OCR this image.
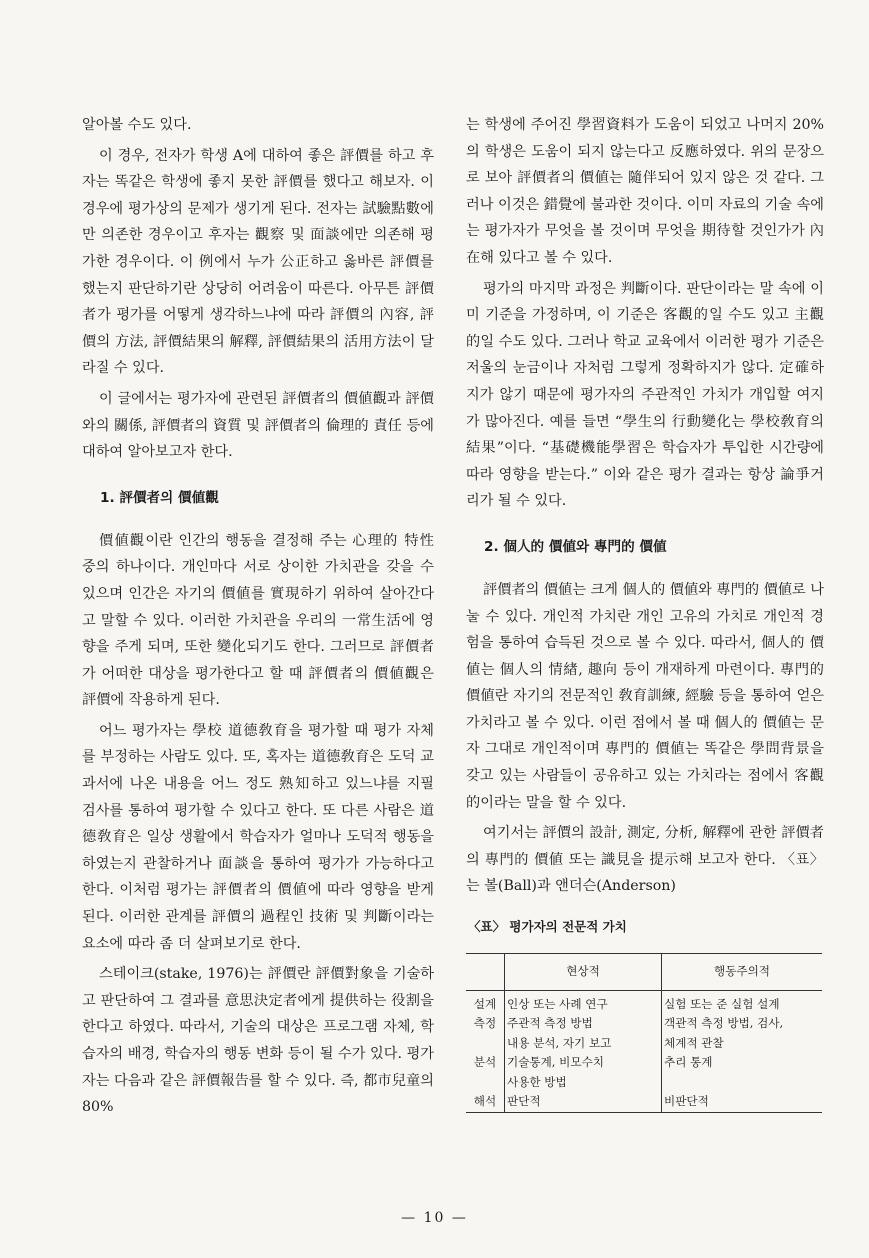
알아볼 수도 있다.

이 경우, 전자가 학생 A에 대하여 좋은 評價를 하고 후자는 똑같은 학생에 좋지 못한 評價를 했다고 해보자. 이 경우에 평가상의 문제가 생기게 된다. 전자는 試驗點數에만 의존한 경우이고 후자는 觀察 및 面談에만 의존해 평가한 경우이다. 이 例에서 누가 公正하고 옳바른 評價를 했는지 판단하기란 상당히 어려움이 따른다. 아무튼 評價者가 평가를 어떻게 생각하느냐에 따라 評價의 內容, 評價의 方法, 評價結果의 解釋, 評價結果의 活用方法이 달라질 수 있다.

이 글에서는 평가자에 관련된 評價者의 價値觀과 評價와의 關係, 評價者의 資質 및 評價者의 倫理的 責任 등에 대하여 알아보고자 한다.

1. 評價者의 價値觀

價値觀이란 인간의 행동을 결정해 주는 心理的 特性 중의 하나이다. 개인마다 서로 상이한 가치관을 갖을 수 있으며 인간은 자기의 價値를 實現하기 위하여 살아간다고 말할 수 있다. 이러한 가치관을 우리의 一常生活에 영향을 주게 되며, 또한 變化되기도 한다. 그러므로 評價者가 어떠한 대상을 평가한다고 할 때 評價者의 價値觀은 評價에 작용하게 된다.

어느 평가자는 學校 道德敎育을 평가할 때 평가 자체를 부정하는 사람도 있다. 또, 혹자는 道德敎育은 도덕 교과서에 나온 내용을 어느 정도 熟知하고 있느냐를 지필 검사를 통하여 평가할 수 있다고 한다. 또 다른 사람은 道德敎育은 일상 생활에서 학습자가 얼마나 도덕적 행동을 하였는지 관찰하거나 面談을 통하여 평가가 가능하다고 한다. 이처럼 평가는 評價者의 價値에 따라 영향을 받게 된다. 이러한 관계를 評價의 過程인 技術 및 判斷이라는 요소에 따라 좀 더 살펴보기로 한다.

스테이크(stake, 1976)는 評價란 評價對象을 기술하고 판단하여 그 결과를 意思決定者에게 提供하는 役割을 한다고 하였다. 따라서, 기술의 대상은 프로그램 자체, 학습자의 배경, 학습자의 행동 변화 등이 될 수가 있다. 평가자는 다음과 같은 評價報告를 할 수 있다. 즉, 都市兒童의 80%

는 학생에 주어진 學習資料가 도움이 되었고 나머지 20%의 학생은 도움이 되지 않는다고 反應하였다. 위의 문장으로 보아 評價者의 價値는 隨伴되어 있지 않은 것 같다. 그러나 이것은 錯覺에 불과한 것이다. 이미 자료의 기술 속에는 평가자가 무엇을 볼 것이며 무엇을 期待할 것인가가 內在해 있다고 볼 수 있다.

평가의 마지막 과정은 判斷이다. 판단이라는 말 속에 이미 기준을 가정하며, 이 기준은 客觀的일 수도 있고 主觀的일 수도 있다. 그러나 학교 교육에서 이러한 평가 기준은 저울의 눈금이나 자처럼 그렇게 정확하지가 않다. 定確하지가 않기 때문에 평가자의 주관적인 가치가 개입할 여지가 많아진다. 예를 들면 “學生의 行動變化는 學校敎育의 結果”이다. “基礎機能學習은 학습자가 투입한 시간량에 따라 영향을 받는다.” 이와 같은 평가 결과는 항상 論爭거리가 될 수 있다.

2. 個人的 價値와 專門的 價値

評價者의 價値는 크게 個人的 價値와 專門的 價値로 나눌 수 있다. 개인적 가치란 개인 고유의 가치로 개인적 경험을 통하여 습득된 것으로 볼 수 있다. 따라서, 個人的 價値는 個人의 情緖, 趣向 등이 개재하게 마련이다. 專門的 價値란 자기의 전문적인 敎育訓練, 經驗 등을 통하여 얻은 가치라고 볼 수 있다. 이런 점에서 볼 때 個人的 價値는 문자 그대로 개인적이며 專門的 價値는 똑같은 學問背景을 갖고 있는 사람들이 공유하고 있는 가치라는 점에서 客觀的이라는 말을 할 수 있다.

여기서는 評價의 設計, 測定, 分析, 解釋에 관한 評價者의 專門的 價値 또는 識見을 提示해 보고자 한다. 〈표〉는 볼(Ball)과 앤더슨(Anderson)

〈표〉 평가자의 전문적 가치
	현상적	행동주의적
설계	인상 또는 사례 연구	실험 또는 준 실험 설계
측정	주관적 측정 방법	객관적 측정 방법, 검사,
	내용 분석, 자기 보고	체계적 관찰
분석	기술통계, 비모수치	추리 통계
	사용한 방법	
해석	판단적	비판단적
— 10 —
